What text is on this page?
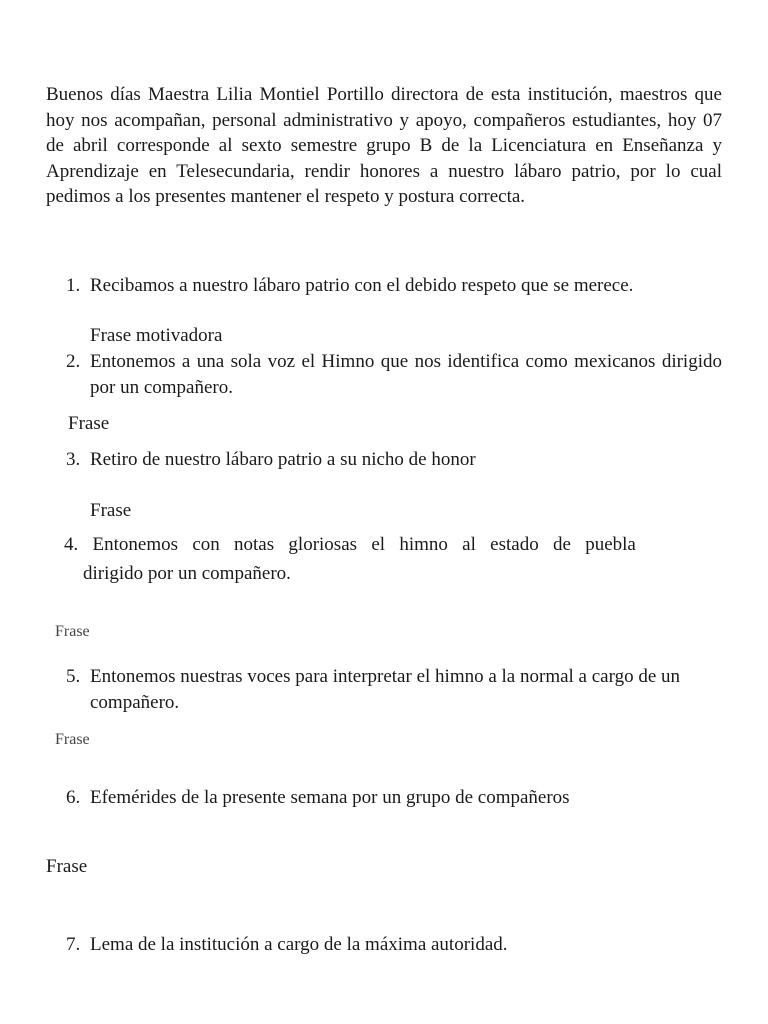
Buenos días Maestra Lilia Montiel Portillo directora de esta institución, maestros que hoy nos acompañan, personal administrativo y apoyo, compañeros estudiantes, hoy 07 de abril corresponde al sexto semestre grupo B de la Licenciatura en Enseñanza y Aprendizaje en Telesecundaria, rendir honores a nuestro lábaro patrio, por lo cual pedimos a los presentes mantener el respeto y postura correcta.

1. Recibamos a nuestro lábaro patrio con el debido respeto que se merece.
Frase motivadora
2. Entonemos a una sola voz el Himno que nos identifica como mexicanos dirigido por un compañero.
Frase
3. Retiro de nuestro lábaro patrio a su nicho de honor
Frase
4. Entonemos con notas gloriosas el himno al estado de puebla
dirigido por un compañero.
Frase
5. Entonemos nuestras voces para interpretar el himno a la normal a cargo de un compañero.
Frase
6. Efemérides de la presente semana por un grupo de compañeros
Frase
7. Lema de la institución a cargo de la máxima autoridad.
